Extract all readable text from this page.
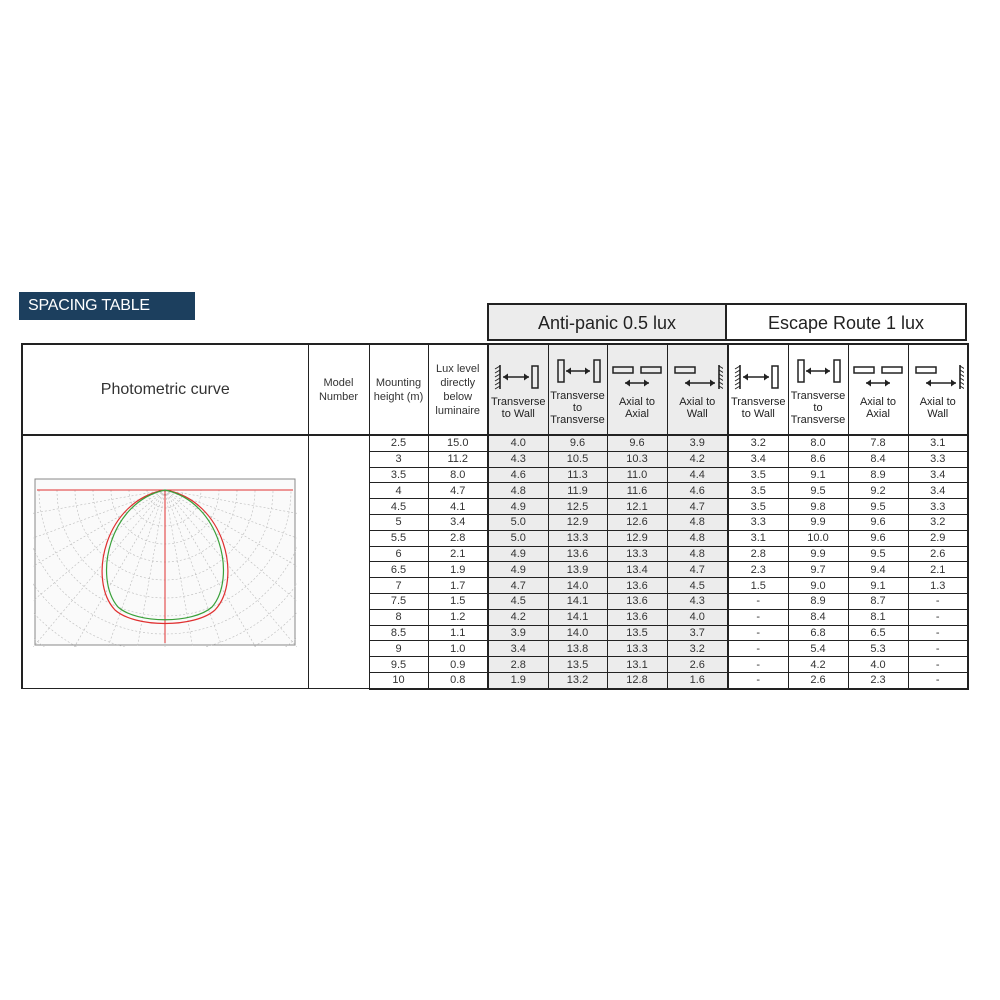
SPACING TABLE
Anti-panic 0.5 lux	Escape Route 1 lux
Photometric curve	Model Number	Mounting height (m)	Lux level directly below luminaire	Transverse to Wall	Transverse to Transverse	Axial to Axial	Axial to Wall	Transverse to Wall	Transverse to Transverse	Axial to Axial	Axial to Wall

		2.5	15.0	4.0	9.6	9.6	3.9	3.2	8.0	7.8	3.1
		3	11.2	4.3	10.5	10.3	4.2	3.4	8.6	8.4	3.3
		3.5	8.0	4.6	11.3	11.0	4.4	3.5	9.1	8.9	3.4
		4	4.7	4.8	11.9	11.6	4.6	3.5	9.5	9.2	3.4
		4.5	4.1	4.9	12.5	12.1	4.7	3.5	9.8	9.5	3.3
		5	3.4	5.0	12.9	12.6	4.8	3.3	9.9	9.6	3.2
		5.5	2.8	5.0	13.3	12.9	4.8	3.1	10.0	9.6	2.9
		6	2.1	4.9	13.6	13.3	4.8	2.8	9.9	9.5	2.6
		6.5	1.9	4.9	13.9	13.4	4.7	2.3	9.7	9.4	2.1
		7	1.7	4.7	14.0	13.6	4.5	1.5	9.0	9.1	1.3
		7.5	1.5	4.5	14.1	13.6	4.3	-	8.9	8.7	-
		8	1.2	4.2	14.1	13.6	4.0	-	8.4	8.1	-
		8.5	1.1	3.9	14.0	13.5	3.7	-	6.8	6.5	-
		9	1.0	3.4	13.8	13.3	3.2	-	5.4	5.3	-
		9.5	0.9	2.8	13.5	13.1	2.6	-	4.2	4.0	-
		10	0.8	1.9	13.2	12.8	1.6	-	2.6	2.3	-
